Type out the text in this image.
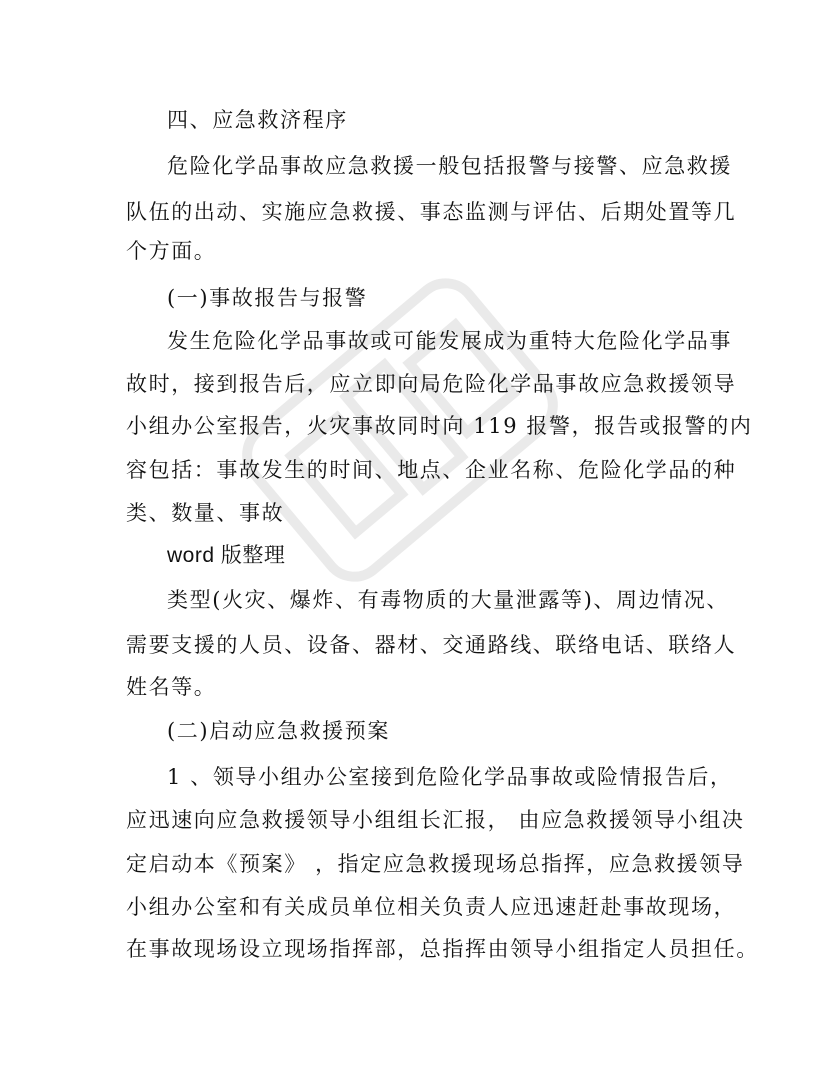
四、应急救济程序
危险化学品事故应急救援一般包括报警与接警、应急救援
队伍的出动、实施应急救援、事态监测与评估、后期处置等几
个方面。
(一)事故报告与报警
发生危险化学品事故或可能发展成为重特大危险化学品事
故时，接到报告后，应立即向局危险化学品事故应急救援领导
小组办公室报告，火灾事故同时向 119 报警，报告或报警的内
容包括：事故发生的时间、地点、企业名称、危险化学品的种
类、数量、事故
word 版整理
类型(火灾、爆炸、有毒物质的大量泄露等)、周边情况、
需要支援的人员、设备、器材、交通路线、联络电话、联络人
姓名等。
(二)启动应急救援预案
1 、领导小组办公室接到危险化学品事故或险情报告后，
应迅速向应急救援领导小组组长汇报， 由应急救援领导小组决
定启动本《预案》 ，指定应急救援现场总指挥，应急救援领导
小组办公室和有关成员单位相关负责人应迅速赶赴事故现场，
在事故现场设立现场指挥部，总指挥由领导小组指定人员担任。
